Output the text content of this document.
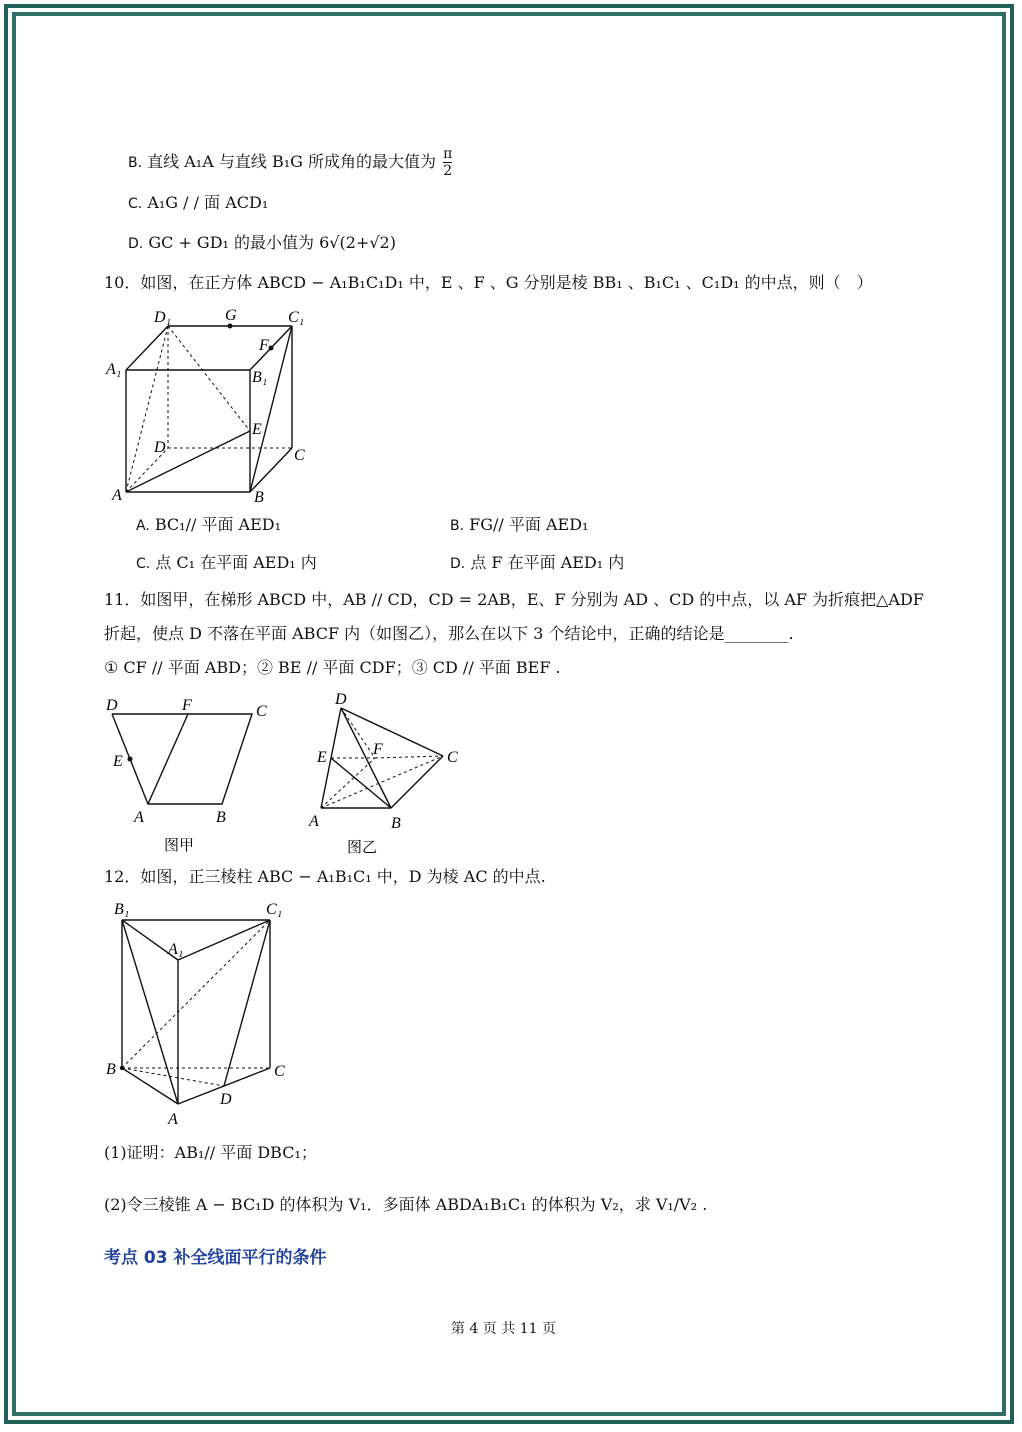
B. 直线 A₁A 与直线 B₁G 所成角的最大值为 $\frac{\pi}{2}$
C. A₁G / / 面 ACD₁
D. GC + GD₁ 的最小值为 6√(2+√2)
10．如图，在正方体 ABCD − A₁B₁C₁D₁ 中，E 、F 、G 分别是棱 BB₁ 、B₁C₁ 、C₁D₁ 的中点，则（　）
D₁	G	C₁
F
A₁	B₁
E
D	C
A	B
A. BC₁// 平面 AED₁	B. FG// 平面 AED₁
C. 点 C₁ 在平面 AED₁ 内	D. 点 F 在平面 AED₁ 内
11．如图甲，在梯形 ABCD 中，AB // CD，CD = 2AB，E、F 分别为 AD 、CD 的中点，以 AF 为折痕把△ADF
折起，使点 D 不落在平面 ABCF 内（如图乙），那么在以下 3 个结论中，正确的结论是________.
① CF // 平面 ABD；② BE // 平面 CDF；③ CD // 平面 BEF .
D	F	C
E
A	B
图甲
D
E	F	C
A	B
图乙
12．如图，正三棱柱 ABC − A₁B₁C₁ 中，D 为棱 AC 的中点.
B₁	C₁
A₁
B	C
D
A
(1)证明：AB₁// 平面 DBC₁；
(2)令三棱锥 A − BC₁D 的体积为 V₁．多面体 ABDA₁B₁C₁ 的体积为 V₂，求 V₁/V₂ .
考点 03 补全线面平行的条件
第 4 页 共 11 页
